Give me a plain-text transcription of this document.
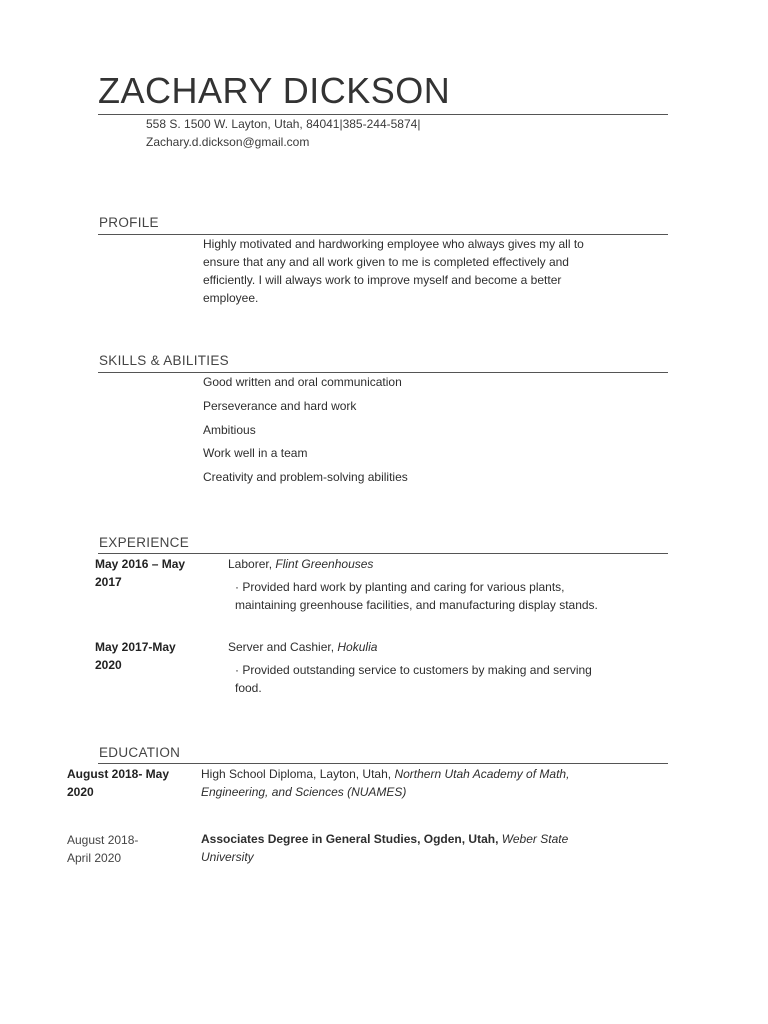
ZACHARY DICKSON
558 S. 1500 W. Layton, Utah, 84041|385-244-5874|
Zachary.d.dickson@gmail.com
PROFILE
Highly motivated and hardworking employee who always gives my all to ensure that any and all work given to me is completed effectively and efficiently. I will always work to improve myself and become a better employee.
SKILLS & ABILITIES
Good written and oral communication
Perseverance and hard work
Ambitious
Work well in a team
Creativity and problem-solving abilities
EXPERIENCE
May 2016 – May
2017
Laborer, Flint Greenhouses
· Provided hard work by planting and caring for various plants, maintaining greenhouse facilities, and manufacturing display stands.
May 2017-May
2020
Server and Cashier, Hokulia
· Provided outstanding service to customers by making and serving food.
EDUCATION
August 2018- May
2020
High School Diploma, Layton, Utah, Northern Utah Academy of Math, Engineering, and Sciences (NUAMES)
August 2018-
April 2020
Associates Degree in General Studies, Ogden, Utah, Weber State University
